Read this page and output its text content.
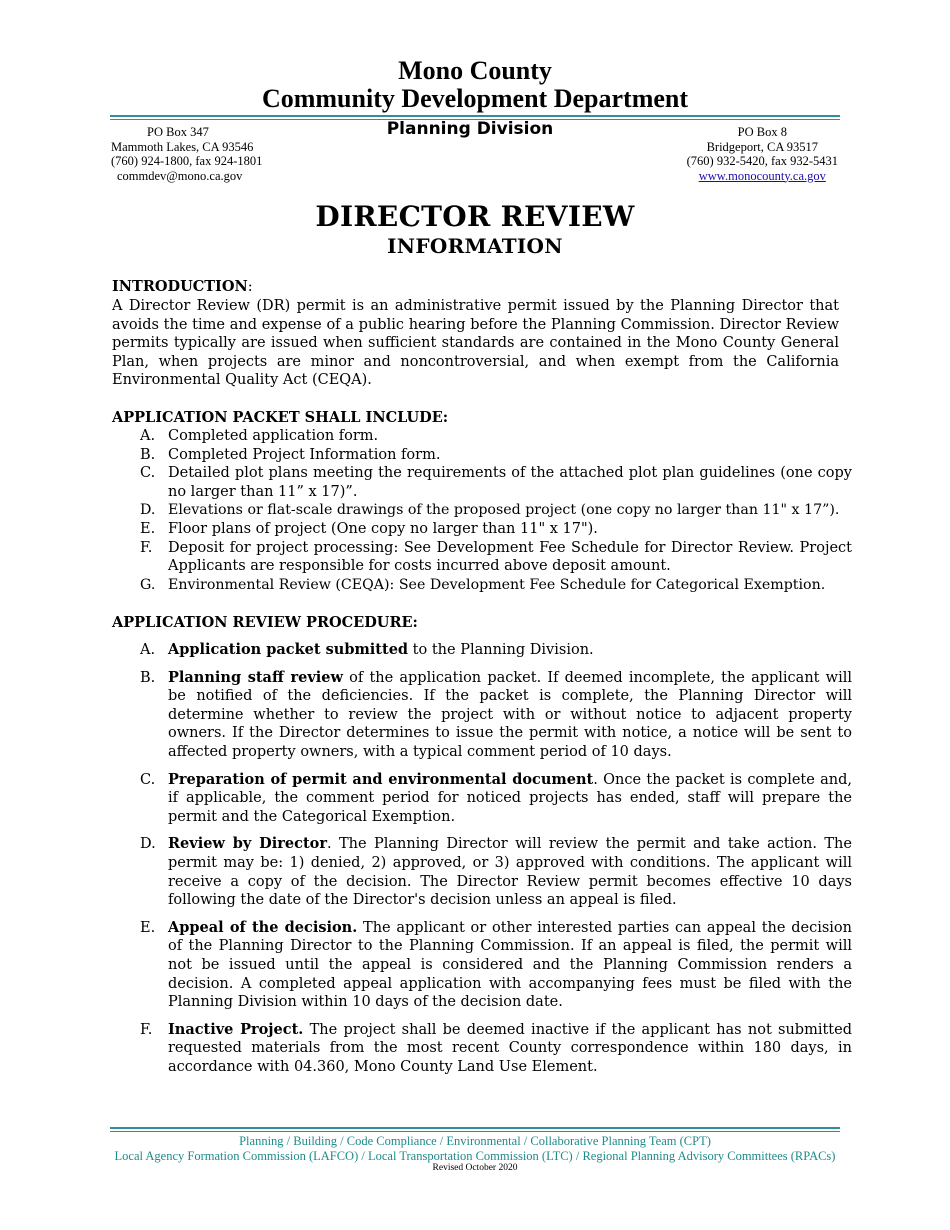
Mono County
Community Development Department
Planning Division
PO Box 347
Mammoth Lakes, CA 93546
(760) 924-1800, fax 924-1801
commdev@mono.ca.gov
PO Box 8
Bridgeport, CA 93517
(760) 932-5420, fax 932-5431
www.monocounty.ca.gov
DIRECTOR REVIEW
INFORMATION
INTRODUCTION:
A Director Review (DR) permit is an administrative permit issued by the Planning Director that avoids the time and expense of a public hearing before the Planning Commission. Director Review permits typically are issued when sufficient standards are contained in the Mono County General Plan, when projects are minor and noncontroversial, and when exempt from the California Environmental Quality Act (CEQA).
APPLICATION PACKET SHALL INCLUDE:
A. Completed application form.
B. Completed Project Information form.
C. Detailed plot plans meeting the requirements of the attached plot plan guidelines (one copy no larger than 11” x 17)”.
D. Elevations or flat-scale drawings of the proposed project (one copy no larger than 11" x 17”).
E. Floor plans of project (One copy no larger than 11" x 17").
F. Deposit for project processing: See Development Fee Schedule for Director Review. Project Applicants are responsible for costs incurred above deposit amount.
G. Environmental Review (CEQA): See Development Fee Schedule for Categorical Exemption.
APPLICATION REVIEW PROCEDURE:
A. Application packet submitted to the Planning Division.
B. Planning staff review of the application packet. If deemed incomplete, the applicant will be notified of the deficiencies. If the packet is complete, the Planning Director will determine whether to review the project with or without notice to adjacent property owners. If the Director determines to issue the permit with notice, a notice will be sent to affected property owners, with a typical comment period of 10 days.
C. Preparation of permit and environmental document. Once the packet is complete and, if applicable, the comment period for noticed projects has ended, staff will prepare the permit and the Categorical Exemption.
D. Review by Director. The Planning Director will review the permit and take action. The permit may be: 1) denied, 2) approved, or 3) approved with conditions. The applicant will receive a copy of the decision. The Director Review permit becomes effective 10 days following the date of the Director's decision unless an appeal is filed.
E. Appeal of the decision. The applicant or other interested parties can appeal the decision of the Planning Director to the Planning Commission. If an appeal is filed, the permit will not be issued until the appeal is considered and the Planning Commission renders a decision. A completed appeal application with accompanying fees must be filed with the Planning Division within 10 days of the decision date.
F. Inactive Project. The project shall be deemed inactive if the applicant has not submitted requested materials from the most recent County correspondence within 180 days, in accordance with 04.360, Mono County Land Use Element.
Planning / Building / Code Compliance / Environmental / Collaborative Planning Team (CPT)
Local Agency Formation Commission (LAFCO) / Local Transportation Commission (LTC) / Regional Planning Advisory Committees (RPACs)
Revised October 2020
